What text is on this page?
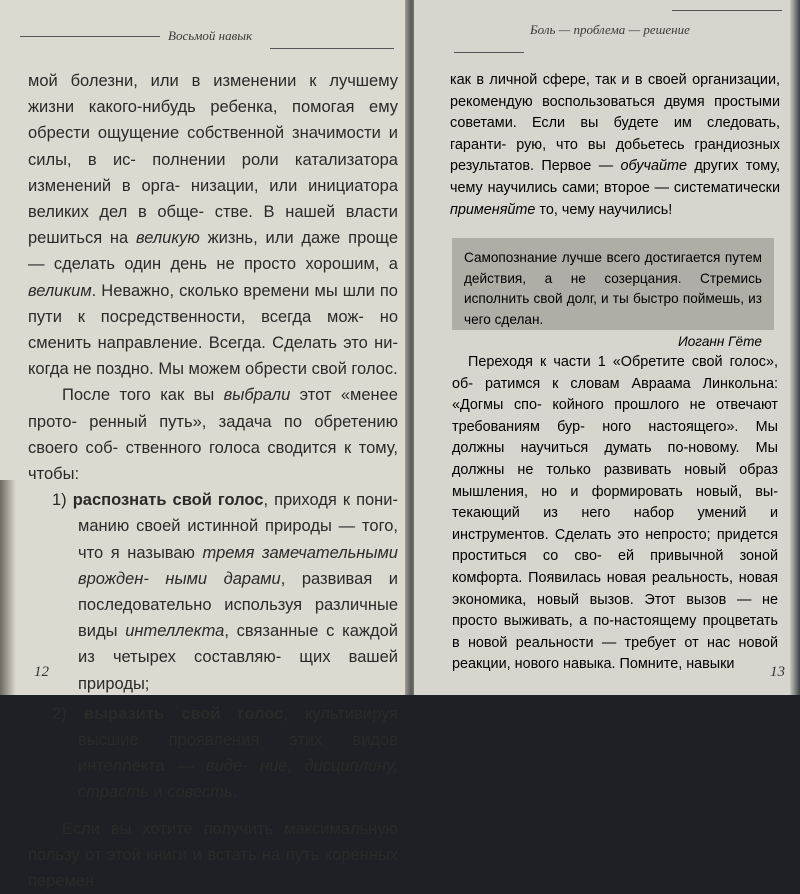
Восьмой навык

мой болезни, или в изменении к лучшему жизни какого-нибудь ребенка, помогая ему обрести ощущение собственной значимости и силы, в ис- полнении роли катализатора изменений в орга- низации, или инициатора великих дел в обще- стве. В нашей власти решиться на великую жизнь, или даже проще — сделать один день не просто хорошим, а великим. Неважно, сколько времени мы шли по пути к посредственности, всегда мож- но сменить направление. Всегда. Сделать это ни- когда не поздно. Мы можем обрести свой голос.

После того как вы выбрали этот «менее прото- ренный путь», задача по обретению своего соб- ственного голоса сводится к тому, чтобы:

1) распознать свой голос, приходя к пони- манию своей истинной природы — того, что я называю тремя замечательными врожден- ными дарами, развивая и последовательно используя различные виды интеллекта, связанные с каждой из четырех составляю- щих вашей природы;

2) выразить свой голос, культивируя высшие проявления этих видов интеллекта — виде- ние, дисциплину, страсть и совесть.

Если вы хотите получить максимальную пользу от этой книги и встать на путь коренных перемен

12
Боль — проблема — решение
13

как в личной сфере, так и в своей организации, рекомендую воспользоваться двумя простыми советами. Если вы будете им следовать, гаранти- рую, что вы добьетесь грандиозных результатов. Первое — обучайте других тому, чему научились сами; второе — систематически применяйте то, чему научились!

Самопознание лучше всего достигается путем действия, а не созерцания. Стремись исполнить свой долг, и ты быстро поймешь, из чего сделан.

Иоганн Гёте

Переходя к части 1 «Обретите свой голос», об- ратимся к словам Авраама Линкольна: «Догмы спо- койного прошлого не отвечают требованиям бур- ного настоящего». Мы должны научиться думать по-новому. Мы должны не только развивать новый образ мышления, но и формировать новый, вы- текающий из него набор умений и инструментов. Сделать это непросто; придется проститься со сво- ей привычной зоной комфорта. Появилась новая реальность, новая экономика, новый вызов. Этот вызов — не просто выживать, а по-настоящему процветать в новой реальности — требует от нас новой реакции, нового навыка. Помните, навыки
